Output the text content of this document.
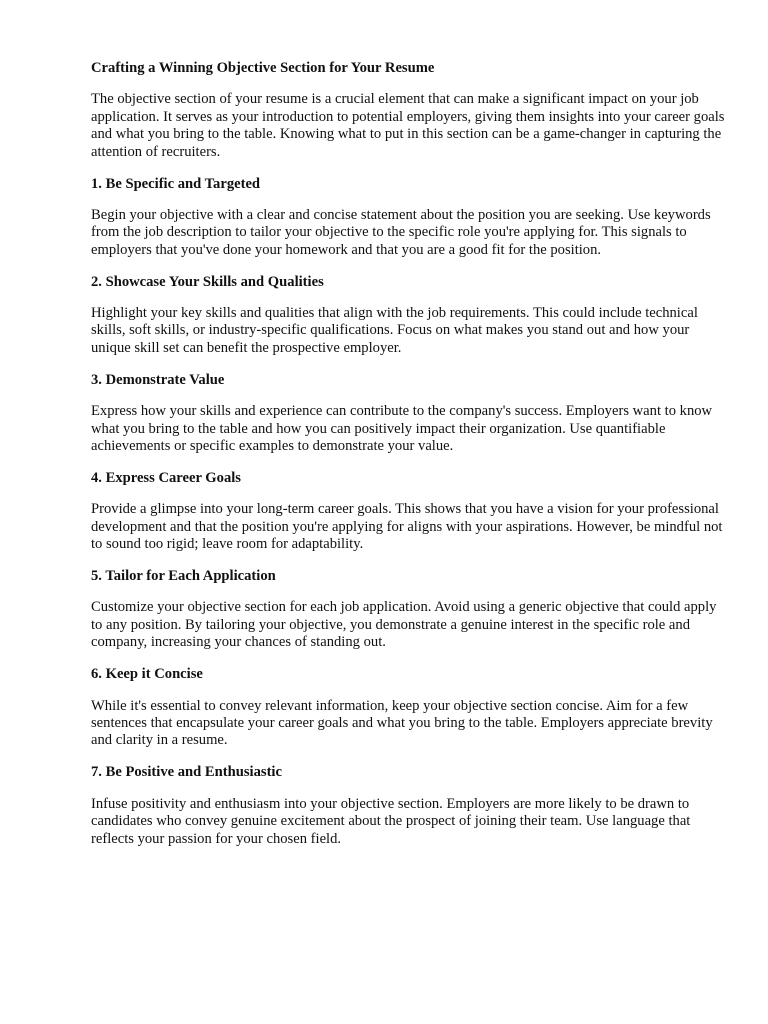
Crafting a Winning Objective Section for Your Resume

The objective section of your resume is a crucial element that can make a significant impact on your job application. It serves as your introduction to potential employers, giving them insights into your career goals and what you bring to the table. Knowing what to put in this section can be a game-changer in capturing the attention of recruiters.

1. Be Specific and Targeted

Begin your objective with a clear and concise statement about the position you are seeking. Use keywords from the job description to tailor your objective to the specific role you're applying for. This signals to employers that you've done your homework and that you are a good fit for the position.

2. Showcase Your Skills and Qualities

Highlight your key skills and qualities that align with the job requirements. This could include technical skills, soft skills, or industry-specific qualifications. Focus on what makes you stand out and how your unique skill set can benefit the prospective employer.

3. Demonstrate Value

Express how your skills and experience can contribute to the company's success. Employers want to know what you bring to the table and how you can positively impact their organization. Use quantifiable achievements or specific examples to demonstrate your value.

4. Express Career Goals

Provide a glimpse into your long-term career goals. This shows that you have a vision for your professional development and that the position you're applying for aligns with your aspirations. However, be mindful not to sound too rigid; leave room for adaptability.

5. Tailor for Each Application

Customize your objective section for each job application. Avoid using a generic objective that could apply to any position. By tailoring your objective, you demonstrate a genuine interest in the specific role and company, increasing your chances of standing out.

6. Keep it Concise

While it's essential to convey relevant information, keep your objective section concise. Aim for a few sentences that encapsulate your career goals and what you bring to the table. Employers appreciate brevity and clarity in a resume.

7. Be Positive and Enthusiastic

Infuse positivity and enthusiasm into your objective section. Employers are more likely to be drawn to candidates who convey genuine excitement about the prospect of joining their team. Use language that reflects your passion for your chosen field.
